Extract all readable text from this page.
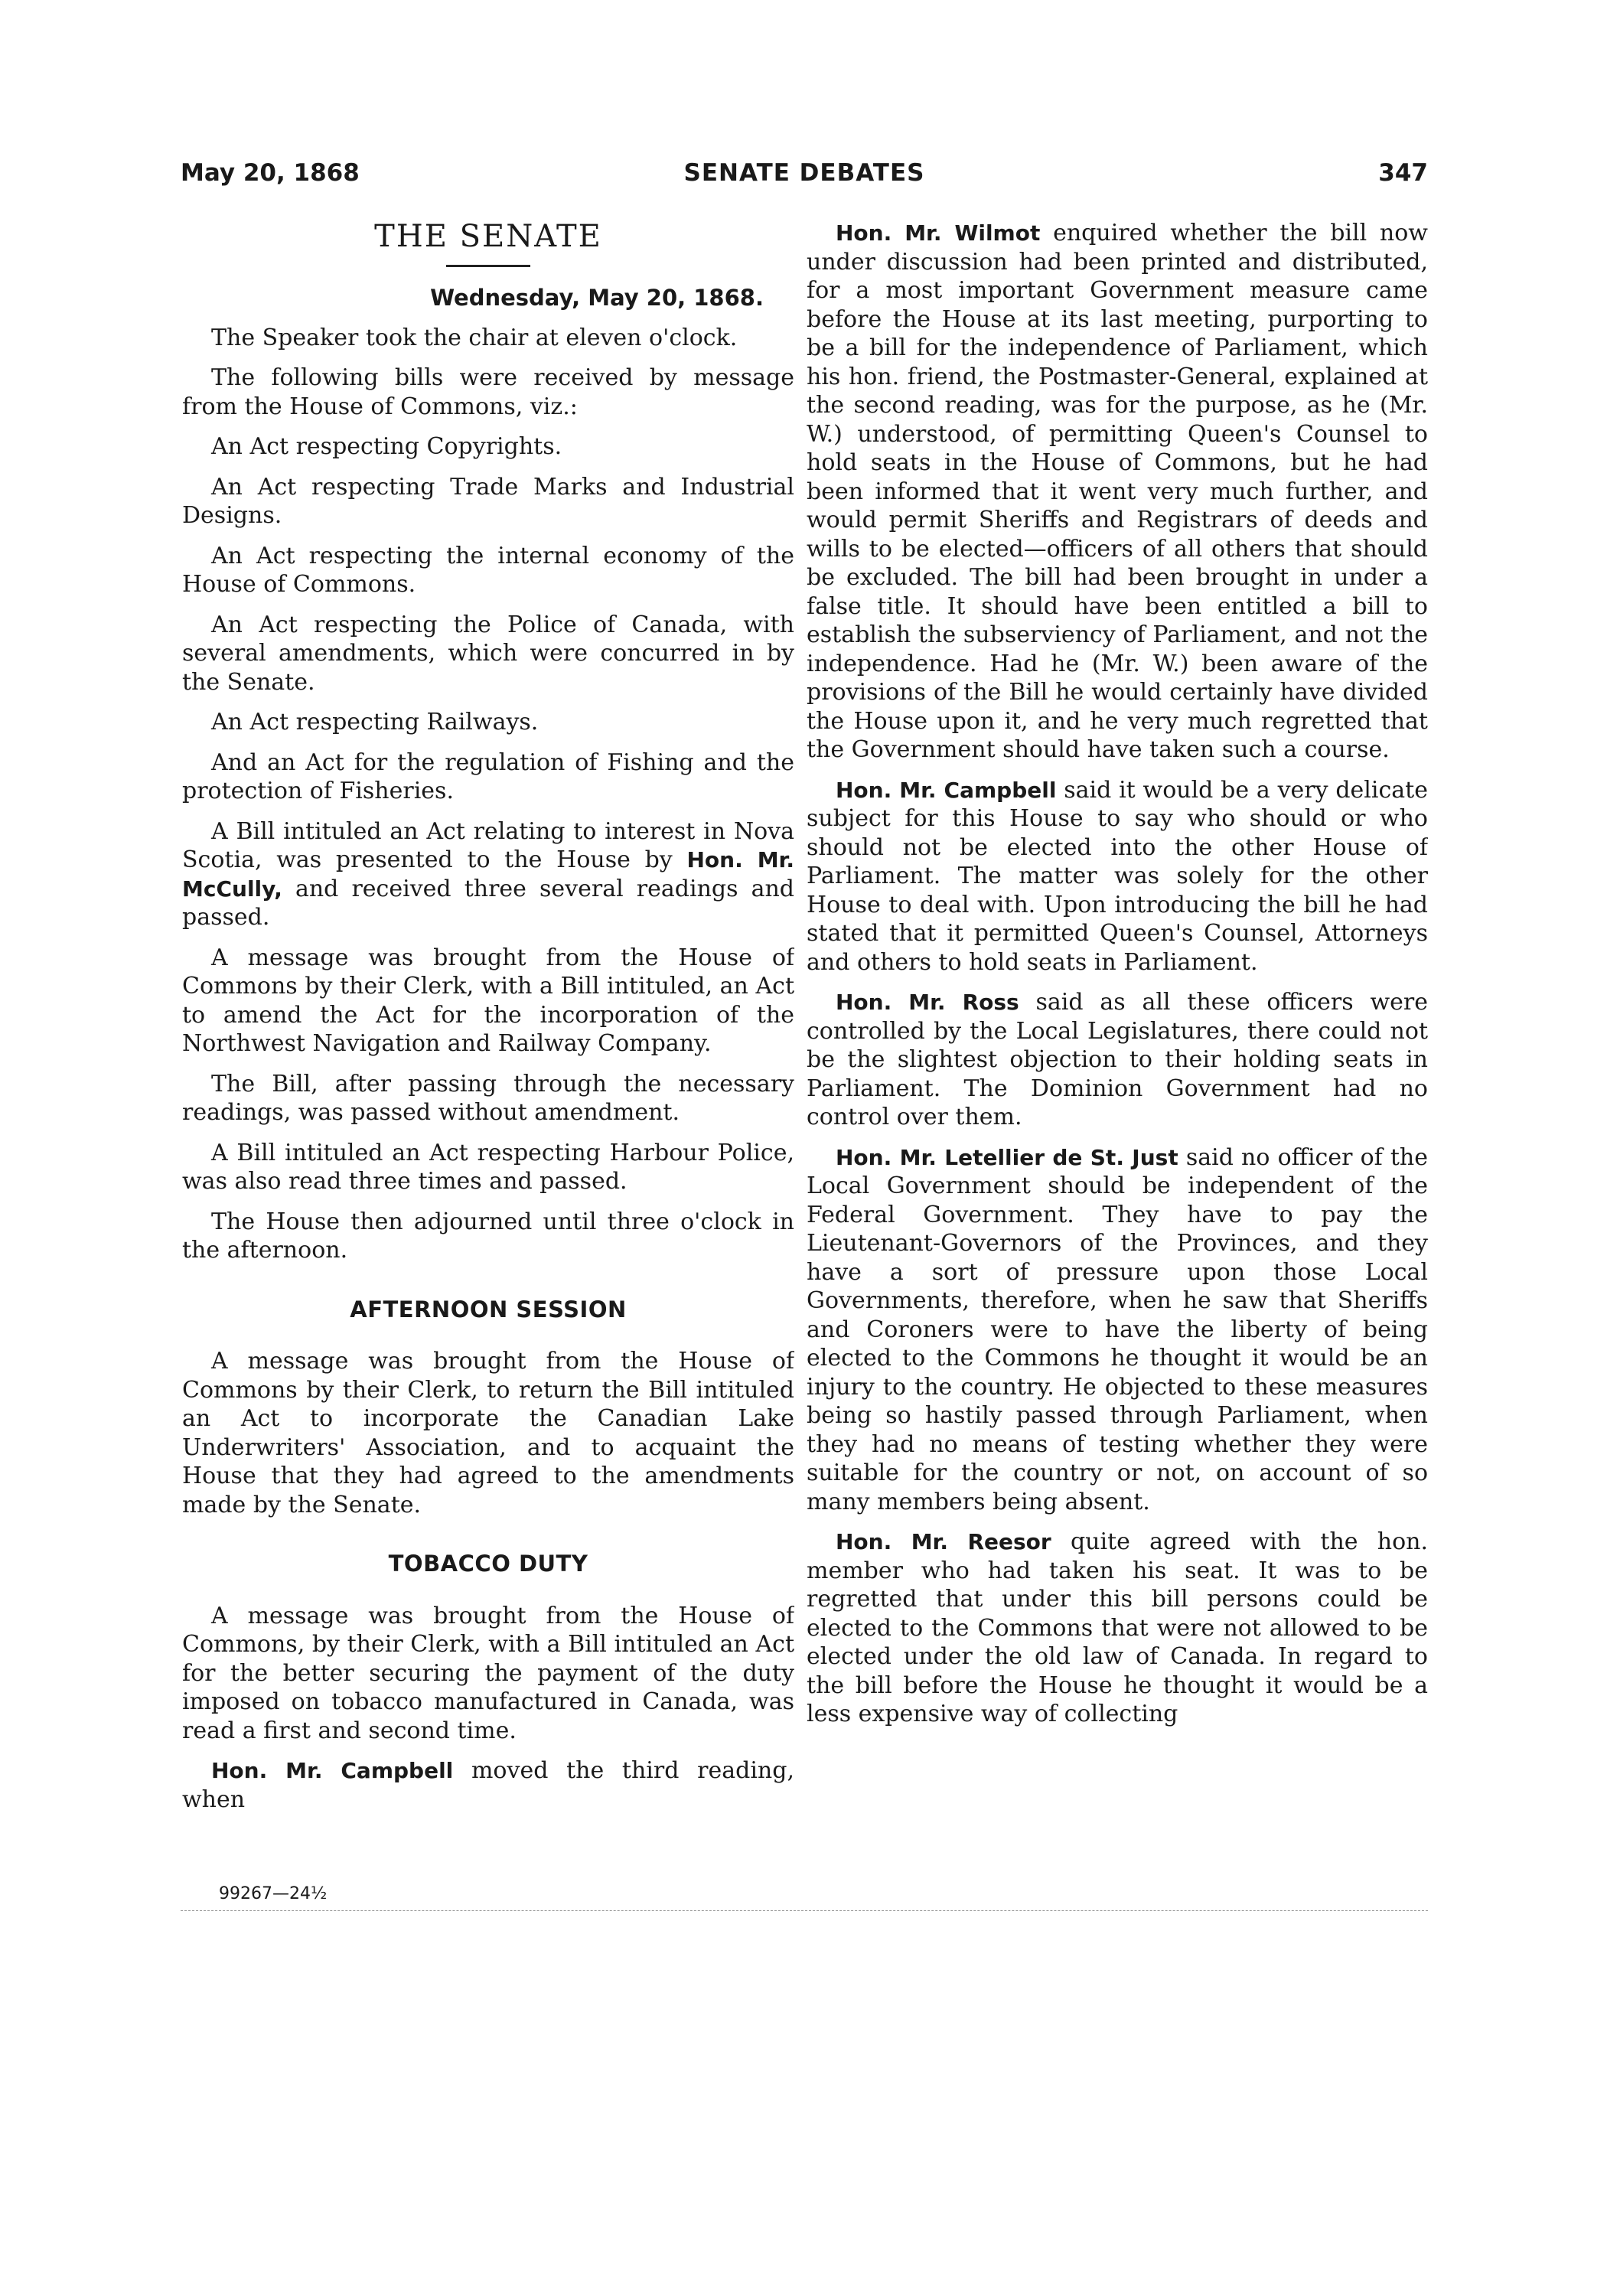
May 20, 1868	SENATE DEBATES	347
THE SENATE
Wednesday, May 20, 1868.

The Speaker took the chair at eleven o'clock.

The following bills were received by message from the House of Commons, viz.:

An Act respecting Copyrights.

An Act respecting Trade Marks and Industrial Designs.

An Act respecting the internal economy of the House of Commons.

An Act respecting the Police of Canada, with several amendments, which were concurred in by the Senate.

An Act respecting Railways.

And an Act for the regulation of Fishing and the protection of Fisheries.

A Bill intituled an Act relating to interest in Nova Scotia, was presented to the House by Hon. Mr. McCully, and received three several readings and passed.

A message was brought from the House of Commons by their Clerk, with a Bill intituled, an Act to amend the Act for the incorporation of the Northwest Navigation and Railway Company.

The Bill, after passing through the necessary readings, was passed without amendment.

A Bill intituled an Act respecting Harbour Police, was also read three times and passed.

The House then adjourned until three o'clock in the afternoon.

AFTERNOON SESSION

A message was brought from the House of Commons by their Clerk, to return the Bill intituled an Act to incorporate the Canadian Lake Underwriters' Association, and to acquaint the House that they had agreed to the amendments made by the Senate.

TOBACCO DUTY

A message was brought from the House of Commons, by their Clerk, with a Bill intituled an Act for the better securing the payment of the duty imposed on tobacco manufactured in Canada, was read a first and second time.

Hon. Mr. Campbell moved the third reading, when

Hon. Mr. Wilmot enquired whether the bill now under discussion had been printed and distributed, for a most important Government measure came before the House at its last meeting, purporting to be a bill for the independence of Parliament, which his hon. friend, the Postmaster-General, explained at the second reading, was for the purpose, as he (Mr. W.) understood, of permitting Queen's Counsel to hold seats in the House of Commons, but he had been informed that it went very much further, and would permit Sheriffs and Registrars of deeds and wills to be elected—officers of all others that should be excluded. The bill had been brought in under a false title. It should have been entitled a bill to establish the subserviency of Parliament, and not the independence. Had he (Mr. W.) been aware of the provisions of the Bill he would certainly have divided the House upon it, and he very much regretted that the Government should have taken such a course.

Hon. Mr. Campbell said it would be a very delicate subject for this House to say who should or who should not be elected into the other House of Parliament. The matter was solely for the other House to deal with. Upon introducing the bill he had stated that it permitted Queen's Counsel, Attorneys and others to hold seats in Parliament.

Hon. Mr. Ross said as all these officers were controlled by the Local Legislatures, there could not be the slightest objection to their holding seats in Parliament. The Dominion Government had no control over them.

Hon. Mr. Letellier de St. Just said no officer of the Local Government should be independent of the Federal Government. They have to pay the Lieutenant-Governors of the Provinces, and they have a sort of pressure upon those Local Governments, therefore, when he saw that Sheriffs and Coroners were to have the liberty of being elected to the Commons he thought it would be an injury to the country. He objected to these measures being so hastily passed through Parliament, when they had no means of testing whether they were suitable for the country or not, on account of so many members being absent.

Hon. Mr. Reesor quite agreed with the hon. member who had taken his seat. It was to be regretted that under this bill persons could be elected to the Commons that were not allowed to be elected under the old law of Canada. In regard to the bill before the House he thought it would be a less expensive way of collecting

99267—24½
